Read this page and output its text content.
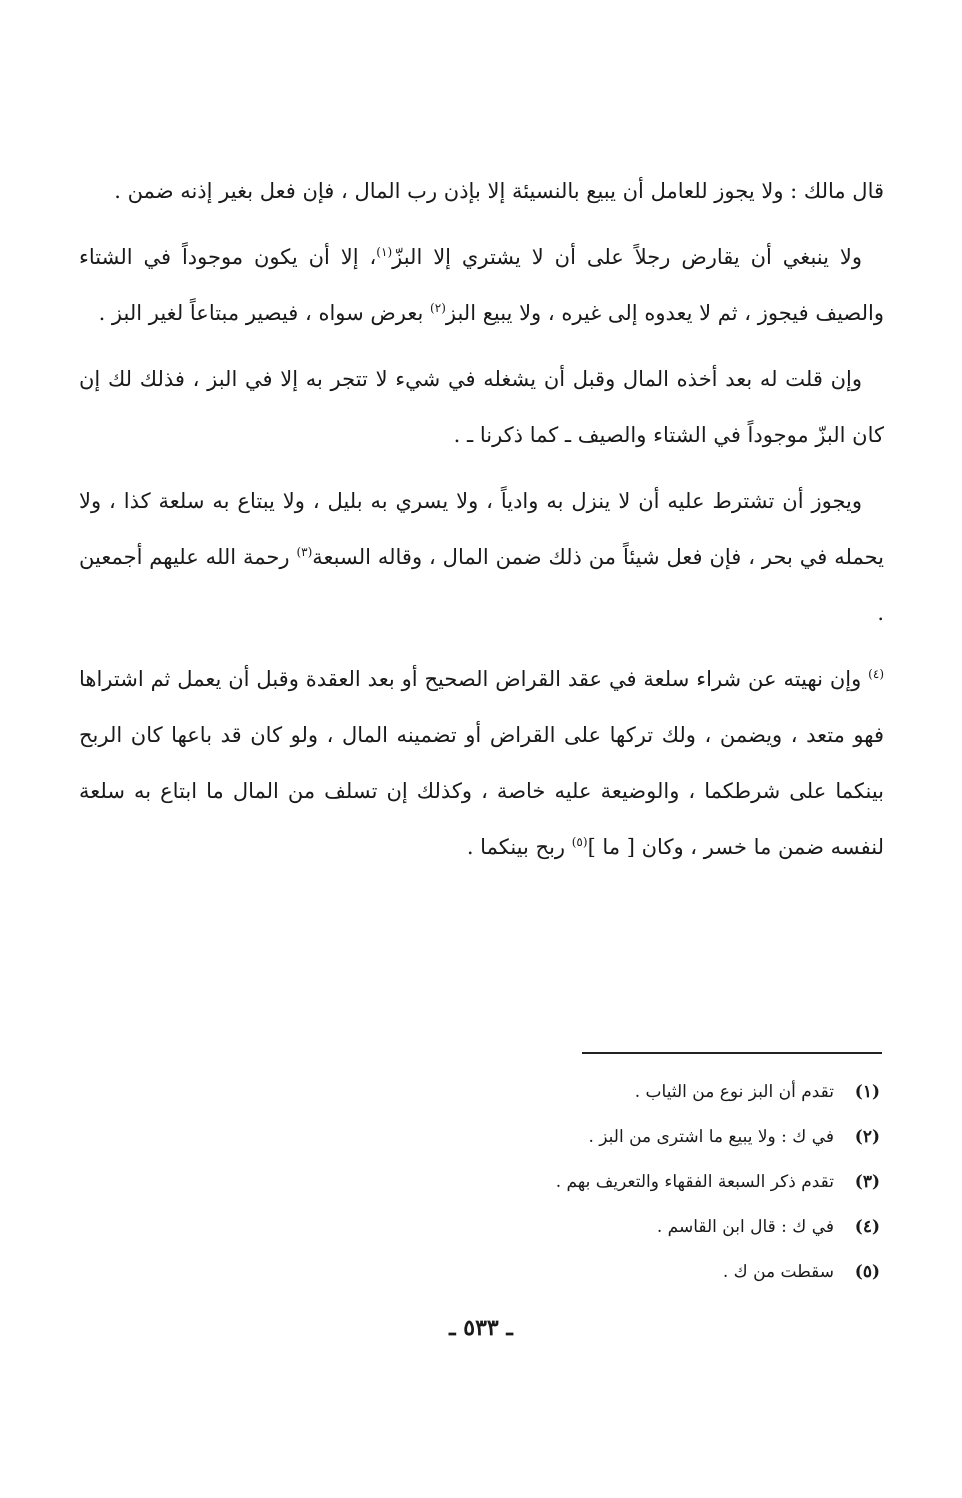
قال مالك : ولا يجوز للعامل أن يبيع بالنسيئة إلا بإذن رب المال ، فإن فعل بغير إذنه ضمن .

ولا ينبغي أن يقارض رجلاً على أن لا يشتري إلا البزّ$^{(١)}$، إلا أن يكون موجوداً في الشتاء والصيف فيجوز ، ثم لا يعدوه إلى غيره ، ولا يبيع البز$^{(٢)}$ بعرض سواه ، فيصير مبتاعاً لغير البز .

وإن قلت له بعد أخذه المال وقبل أن يشغله في شيء لا تتجر به إلا في البز ، فذلك لك إن كان البزّ موجوداً في الشتاء والصيف ـ كما ذكرنا ـ .

ويجوز أن تشترط عليه أن لا ينزل به وادياً ، ولا يسري به بليل ، ولا يبتاع به سلعة كذا ، ولا يحمله في بحر ، فإن فعل شيئاً من ذلك ضمن المال ، وقاله السبعة$^{(٣)}$ رحمة الله عليهم أجمعين .

$^{(٤)}$ وإن نهيته عن شراء سلعة في عقد القراض الصحيح أو بعد العقدة وقبل أن يعمل ثم اشتراها فهو متعد ، ويضمن ، ولك تركها على القراض أو تضمينه المال ، ولو كان قد باعها كان الربح بينكما على شرطكما ، والوضيعة عليه خاصة ، وكذلك إن تسلف من المال ما ابتاع به سلعة لنفسه ضمن ما خسر ، وكان [ ما ]$^{(٥)}$ ربح بينكما .

(١)
تقدم أن البز نوع من الثياب .
(٢)
في ك : ولا يبيع ما اشترى من البز .
(٣)
تقدم ذكر السبعة الفقهاء والتعريف بهم .
(٤)
في ك : قال ابن القاسم .
(٥)
سقطت من ك .
ـ ٥٣٣ ـ
